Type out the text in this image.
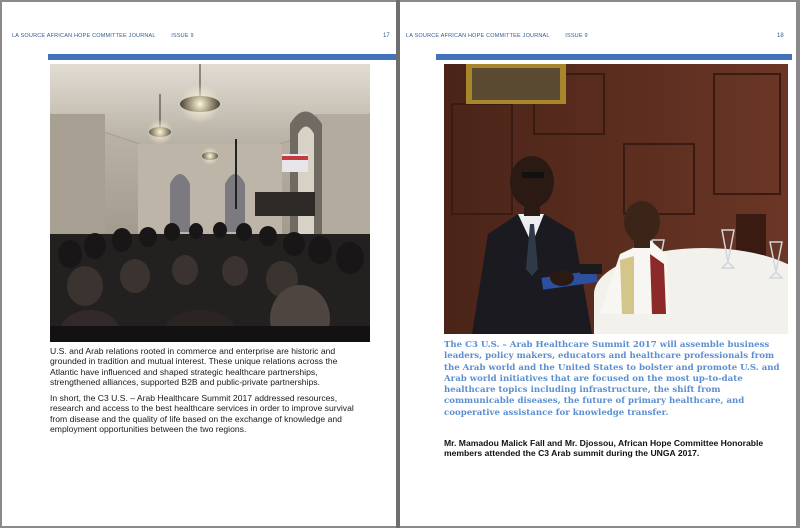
LA SOURCE AFRICAN HOPE COMMITTEE JOURNAL	ISSUE 9	17

U.S. and Arab relations rooted in commerce and enterprise are historic and grounded in tradition and mutual interest. These unique relations across the Atlantic have influenced and shaped strategic healthcare partnerships, strengthened alliances, supported B2B and public-private partnerships.

In short, the C3 U.S. – Arab Healthcare Summit 2017 addressed resources, research and access to the best healthcare services in order to improve survival from disease and the quality of life based on the exchange of knowledge and employment opportunities between the two regions.

LA SOURCE AFRICAN HOPE COMMITTEE JOURNAL	ISSUE 9	18
The C3 U.S. – Arab Healthcare Summit 2017 will assemble business leaders, policy makers, educators and healthcare professionals from the Arab world and the United States to bolster and promote U.S. and Arab world initiatives that are focused on the most up-to-date healthcare topics including infrastructure, the shift from communicable diseases, the future of primary healthcare, and cooperative assistance for knowledge transfer.
Mr. Mamadou Malick Fall and Mr. Djossou, African Hope Committee Honorable members attended the C3 Arab summit during the UNGA 2017.
